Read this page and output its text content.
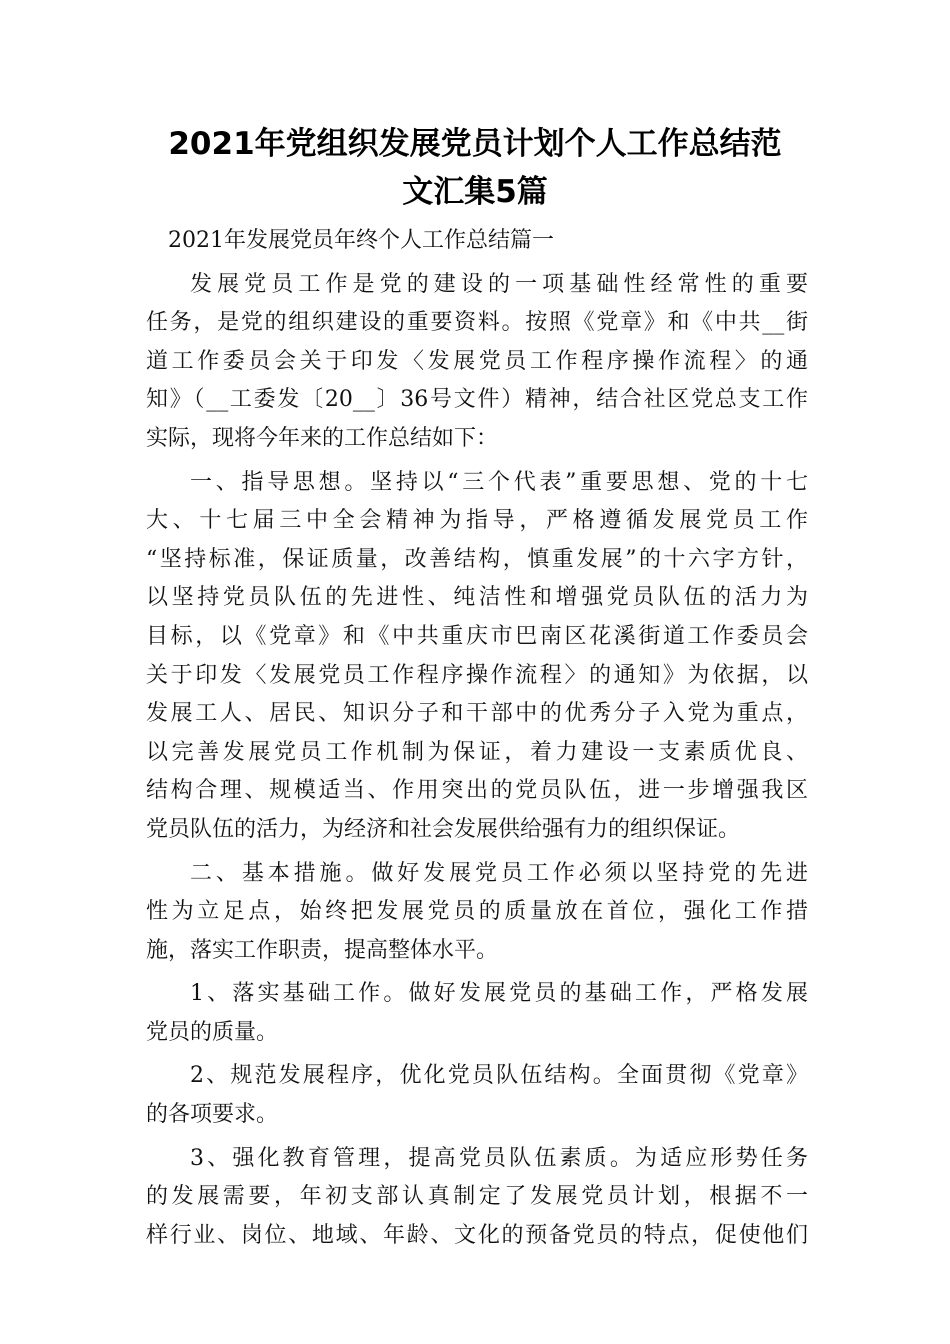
2021年党组织发展党员计划个人工作总结范
文汇集5篇

2021年发展党员年终个人工作总结篇一

发展党员工作是党的建设的一项基础性经常性的重要
任务，是党的组织建设的重要资料。按照《党章》和《中共__街
道工作委员会关于印发〈发展党员工作程序操作流程〉的通
知》（__工委发〔20__〕36号文件）精神，结合社区党总支工作
实际，现将今年来的工作总结如下：

一、指导思想。坚持以“三个代表”重要思想、党的十七
大、十七届三中全会精神为指导，严格遵循发展党员工作
“坚持标准，保证质量，改善结构，慎重发展”的十六字方针，
以坚持党员队伍的先进性、纯洁性和增强党员队伍的活力为
目标，以《党章》和《中共重庆市巴南区花溪街道工作委员会
关于印发〈发展党员工作程序操作流程〉的通知》为依据，以
发展工人、居民、知识分子和干部中的优秀分子入党为重点，
以完善发展党员工作机制为保证，着力建设一支素质优良、
结构合理、规模适当、作用突出的党员队伍，进一步增强我区
党员队伍的活力，为经济和社会发展供给强有力的组织保证。

二、基本措施。做好发展党员工作必须以坚持党的先进
性为立足点，始终把发展党员的质量放在首位，强化工作措
施，落实工作职责，提高整体水平。

1、落实基础工作。做好发展党员的基础工作，严格发展
党员的质量。

2、规范发展程序，优化党员队伍结构。全面贯彻《党章》
的各项要求。

3、强化教育管理，提高党员队伍素质。为适应形势任务
的发展需要，年初支部认真制定了发展党员计划，根据不一
样行业、岗位、地域、年龄、文化的预备党员的特点，促使他们
